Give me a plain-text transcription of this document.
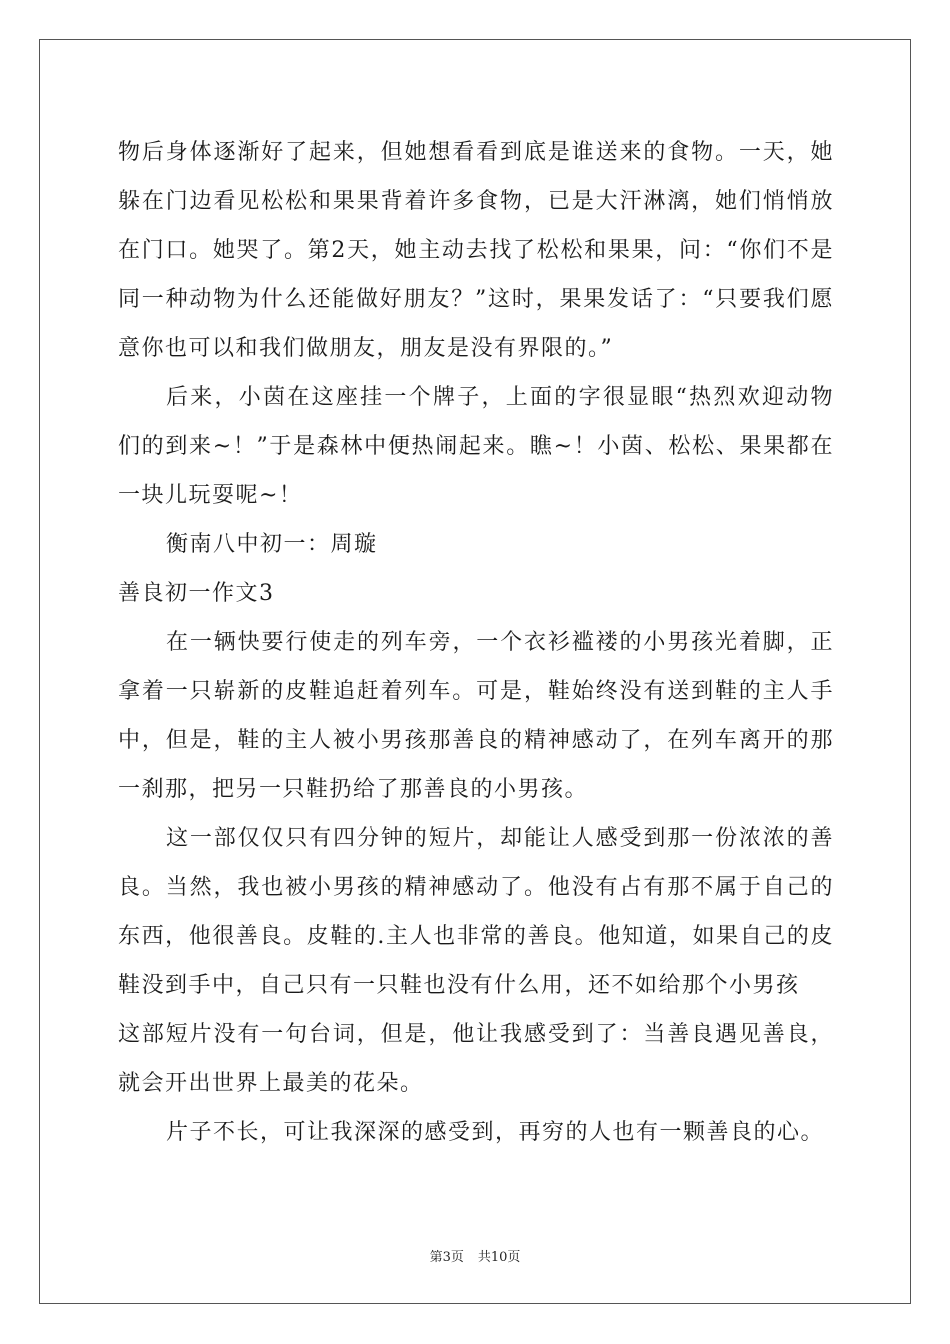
物后身体逐渐好了起来，但她想看看到底是谁送来的食物。一天，她躲在门边看见松松和果果背着许多食物，已是大汗淋漓，她们悄悄放在门口。她哭了。第2天，她主动去找了松松和果果，问：“你们不是同一种动物为什么还能做好朋友？”这时，果果发话了：“只要我们愿意你也可以和我们做朋友，朋友是没有界限的。”

后来，小茵在这座挂一个牌子，上面的字很显眼“热烈欢迎动物们的到来~！”于是森林中便热闹起来。瞧~！小茵、松松、果果都在一块儿玩耍呢~！

衡南八中初一：周璇

善良初一作文3

在一辆快要行使走的列车旁，一个衣衫褴褛的小男孩光着脚，正拿着一只崭新的皮鞋追赶着列车。可是，鞋始终没有送到鞋的主人手中，但是，鞋的主人被小男孩那善良的精神感动了，在列车离开的那一刹那，把另一只鞋扔给了那善良的小男孩。

这一部仅仅只有四分钟的短片，却能让人感受到那一份浓浓的善良。当然，我也被小男孩的精神感动了。他没有占有那不属于自己的东西，他很善良。皮鞋的.主人也非常的善良。他知道，如果自己的皮鞋没到手中，自己只有一只鞋也没有什么用，还不如给那个小男孩

这部短片没有一句台词，但是，他让我感受到了：当善良遇见善良，就会开出世界上最美的花朵。

片子不长，可让我深深的感受到，再穷的人也有一颗善良的心。

第3页 共10页
